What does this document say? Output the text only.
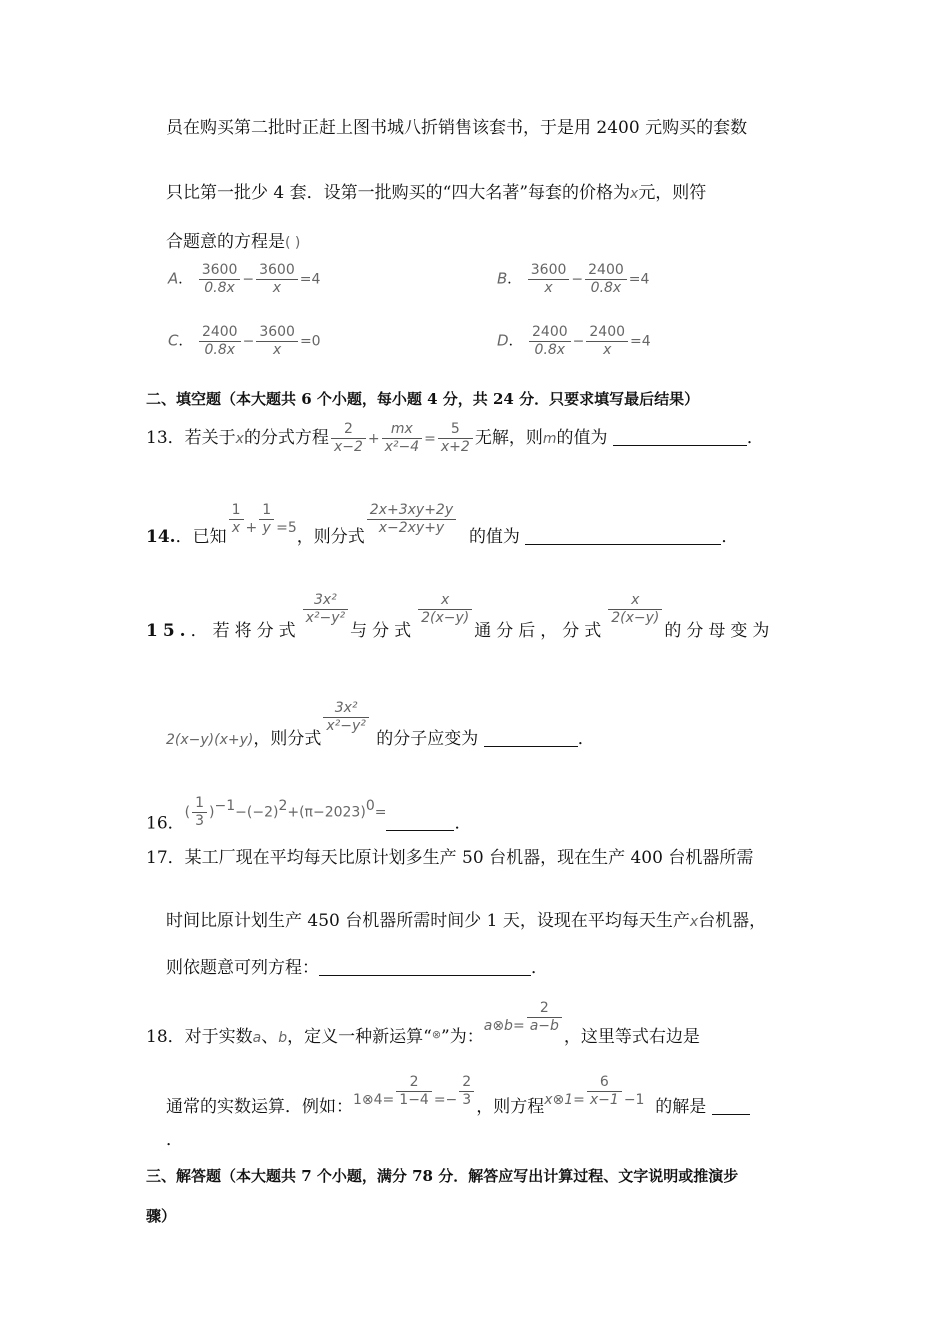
员在购买第二批时正赶上图书城八折销售该套书，于是用 2400 元购买的套数
只比第一批少 4 套．设第一批购买的“四大名著”每套的价格为x元，则符
合题意的方程是( )
A． $\frac{3600}{0.8x} - \frac{3600}{x} =4$	B． $\frac{3600}{x} - \frac{2400}{0.8x} =4$
C． $\frac{2400}{0.8x} - \frac{3600}{x} =0$	D． $\frac{2400}{0.8x} - \frac{2400}{x} =4$
二、填空题（本大题共 6 个小题，每小题 4 分，共 24 分．只要求填写最后结果）
13．若关于x的分式方程 $\frac{2}{x-2} + \frac{mx}{\text{x²−4}} = \frac{5}{x+2}$ 无解，则m的值为	．
14.．已知 $\frac{1}{x} ^+ \frac{1}{y} ^{=5}$，则分式 $\frac{2x+3xy+2y}{x-2xy+y}$ 的值为	．
15.．若将分式
$\frac{\text{3x²}}{\text{x²−y²}}$
与分式
$\frac{x}{2(x-y)}$
通分后，分式
$\frac{x}{2(x-y)}$
的分母变为
2(x−y)(x+y)，则分式
$\frac{\text{3x²}}{\text{x²−y²}}$
的分子应变为	．
16．( $\frac{1}{3} )^{-1}-(-2)^2+(\pi-2023)^0=$．
17．某工厂现在平均每天比原计划多生产 50 台机器，现在生产 400 台机器所需
时间比原计划生产 450 台机器所需时间少 1 天，设现在平均每天生产x台机器，
则依题意可列方程：	．
18．对于实数a、b，定义一种新运算“⊗”为：$^{a\otimes b=} \frac{2}{a-b}$
，这里等式右边是
通常的实数运算．例如：$^{1\otimes 4=} \frac{2}{1-4} ^{=-} \frac{2}{3}$ ，则方程$^{x\otimes 1=} \frac{6}{x-1} ^{-1}$ 的解是
．
三、解答题（本大题共 7 个小题，满分 78 分．解答应写出计算过程、文字说明或推演步
骤）
